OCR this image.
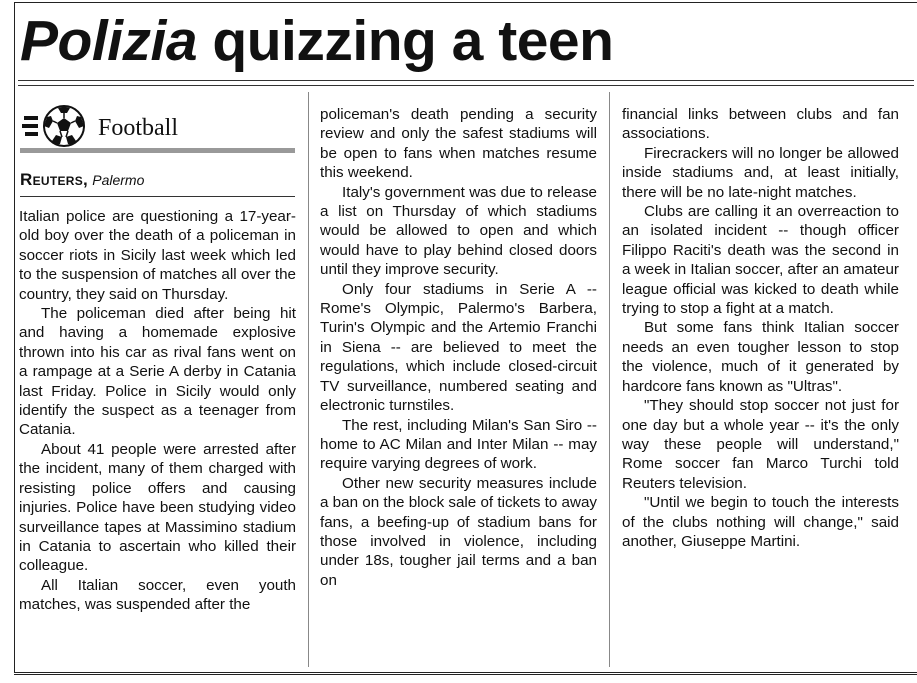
Polizia quizzing a teen
Football
Reuters, Palermo

Italian police are questioning a 17-year-old boy over the death of a policeman in soccer riots in Sicily last week which led to the suspension of matches all over the country, they said on Thursday.

The policeman died after being hit and having a homemade explosive thrown into his car as rival fans went on a rampage at a Serie A derby in Catania last Friday. Police in Sicily would only identify the suspect as a teenager from Catania.

About 41 people were arrested after the incident, many of them charged with resisting police offers and causing injuries. Police have been studying video surveillance tapes at Massimino stadium in Catania to ascertain who killed their colleague.

All Italian soccer, even youth matches, was suspended after the

policeman's death pending a security review and only the safest stadiums will be open to fans when matches resume this weekend.

Italy's government was due to release a list on Thursday of which stadiums would be allowed to open and which would have to play behind closed doors until they improve security.

Only four stadiums in Serie A -- Rome's Olympic, Palermo's Barbera, Turin's Olympic and the Artemio Franchi in Siena -- are believed to meet the regulations, which include closed-circuit TV surveillance, numbered seating and electronic turnstiles.

The rest, including Milan's San Siro -- home to AC Milan and Inter Milan -- may require varying degrees of work.

Other new security measures include a ban on the block sale of tickets to away fans, a beefing-up of stadium bans for those involved in violence, including under 18s, tougher jail terms and a ban on

financial links between clubs and fan associations.

Firecrackers will no longer be allowed inside stadiums and, at least initially, there will be no late-night matches.

Clubs are calling it an overreaction to an isolated incident -- though officer Filippo Raciti's death was the second in a week in Italian soccer, after an amateur league official was kicked to death while trying to stop a fight at a match.

But some fans think Italian soccer needs an even tougher lesson to stop the violence, much of it generated by hardcore fans known as "Ultras".

"They should stop soccer not just for one day but a whole year -- it's the only way these people will understand," Rome soccer fan Marco Turchi told Reuters television.

"Until we begin to touch the interests of the clubs nothing will change," said another, Giuseppe Martini.
